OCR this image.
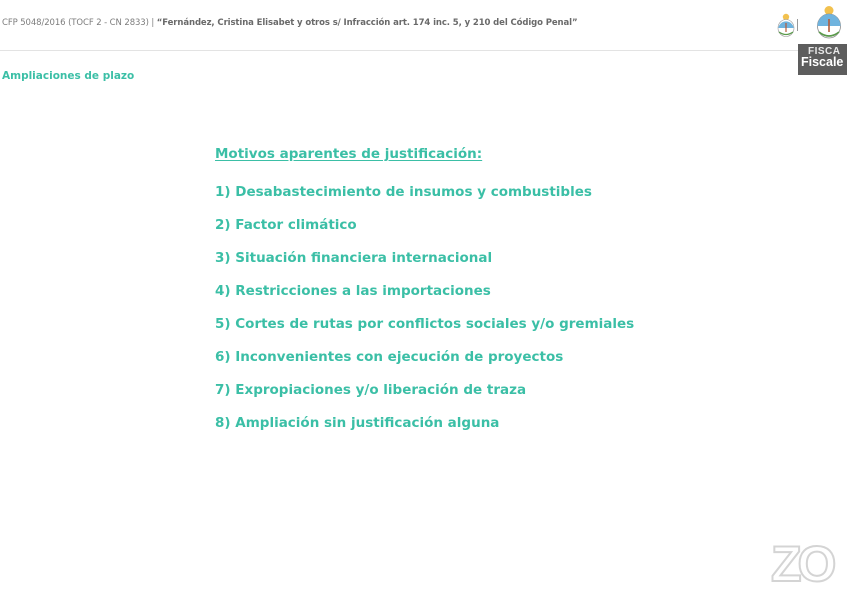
CFP 5048/2016 (TOCF 2 - CN 2833) | “Fernández, Cristina Elisabet y otros s/ Infracción art. 174 inc. 5, y 210 del Código Penal”
FISCA
Fiscale
Ampliaciones de plazo

Motivos aparentes de justificación:

1) Desabastecimiento de insumos y combustibles
2) Factor climático
3) Situación financiera internacional
4) Restricciones a las importaciones
5) Cortes de rutas por conflictos sociales y/o gremiales
6) Inconvenientes con ejecución de proyectos
7) Expropiaciones y/o liberación de traza
8) Ampliación sin justificación alguna
ZO
